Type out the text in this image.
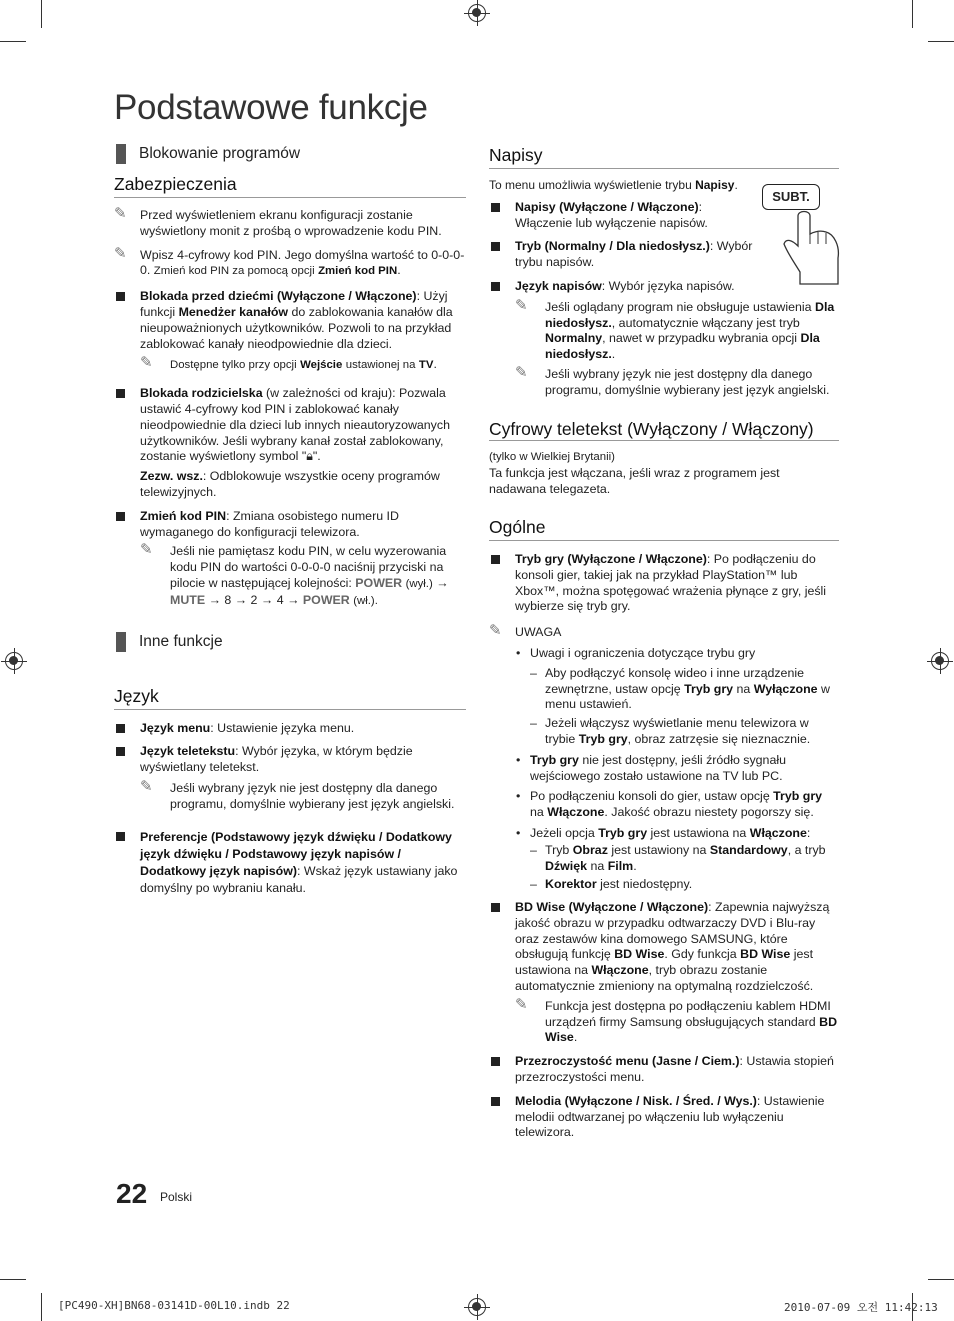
Podstawowe funkcje
Blokowanie programów
Zabezpieczenia
✎ Przed wyświetleniem ekranu konfiguracji zostanie wyświetlony monit z prośbą o wprowadzenie kodu PIN.
✎ Wpisz 4-cyfrowy kod PIN. Jego domyślna wartość to 0-0-0-0. Zmień kod PIN za pomocą opcji Zmień kod PIN.
Blokada przed dziećmi (Wyłączone / Włączone): Użyj funkcji Menedżer kanałów do zablokowania kanałów dla nieupoważnionych użytkowników. Pozwoli to na przykład zablokować kanały nieodpowiednie dla dzieci.
✎ Dostępne tylko przy opcji Wejście ustawionej na TV.
Blokada rodzicielska (w zależności od kraju): Pozwala ustawić 4-cyfrowy kod PIN i zablokować kanały nieodpowiednie dla dzieci lub innych nieautoryzowanych użytkowników. Jeśli wybrany kanał został zablokowany, zostanie wyświetlony symbol "🔒︎".

Zezw. wsz.: Odblokowuje wszystkie oceny programów telewizyjnych.

Zmień kod PIN: Zmiana osobistego numeru ID wymaganego do konfiguracji telewizora.
✎ Jeśli nie pamiętasz kodu PIN, w celu wyzerowania kodu PIN do wartości 0-0-0-0 naciśnij przyciski na pilocie w następującej kolejności: POWER (wył.) → MUTE → 8 → 2 → 4 → POWER (wł.).
Inne funkcje
Język
Język menu: Ustawienie języka menu.
Język teletekstu: Wybór języka, w którym będzie wyświetlany teletekst.
✎ Jeśli wybrany język nie jest dostępny dla danego programu, domyślnie wybierany jest język angielski.
Preferencje (Podstawowy język dźwięku / Dodatkowy język dźwięku / Podstawowy język napisów / Dodatkowy język napisów): Wskaż język ustawiany jako domyślny po wybraniu kanału.
Napisy

To menu umożliwia wyświetlenie trybu Napisy.

Napisy (Wyłączone / Włączone):
Włączenie lub wyłączenie napisów.
Tryb (Normalny / Dla niedosłysz.): Wybór trybu napisów.
Język napisów: Wybór języka napisów.
✎ Jeśli oglądany program nie obsługuje ustawienia Dla niedosłysz., automatycznie włączany jest tryb Normalny, nawet w przypadku wybrania opcji Dla niedosłysz..
✎ Jeśli wybrany język nie jest dostępny dla danego programu, domyślnie wybierany jest język angielski.
Cyfrowy teletekst (Wyłączony / Włączony)

(tylko w Wielkiej Brytanii)

Ta funkcja jest włączana, jeśli wraz z programem jest nadawana telegazeta.

Ogólne
Tryb gry (Wyłączone / Włączone): Po podłączeniu do konsoli gier, takiej jak na przykład PlayStation™ lub Xbox™, można spotęgować wrażenia płynące z gry, jeśli wybierze się tryb gry.
✎ UWAGA
• Uwagi i ograniczenia dotyczące trybu gry
– Aby podłączyć konsolę wideo i inne urządzenie zewnętrzne, ustaw opcję Tryb gry na Wyłączone w menu ustawień.
– Jeżeli włączysz wyświetlanie menu telewizora w trybie Tryb gry, obraz zatrzęsie się nieznacznie.
• Tryb gry nie jest dostępny, jeśli źródło sygnału wejściowego zostało ustawione na TV lub PC.
• Po podłączeniu konsoli do gier, ustaw opcję Tryb gry na Włączone. Jakość obrazu niestety pogorszy się.
• Jeżeli opcja Tryb gry jest ustawiona na Włączone:
– Tryb Obraz jest ustawiony na Standardowy, a tryb Dźwięk na Film.
– Korektor jest niedostępny.
BD Wise (Wyłączone / Włączone): Zapewnia najwyższą jakość obrazu w przypadku odtwarzaczy DVD i Blu-ray oraz zestawów kina domowego SAMSUNG, które obsługują funkcję BD Wise. Gdy funkcja BD Wise jest ustawiona na Włączone, tryb obrazu zostanie automatycznie zmieniony na optymalną rozdzielczość.
✎ Funkcja jest dostępna po podłączeniu kablem HDMI urządzeń firmy Samsung obsługujących standard BD Wise.
Przezroczystość menu (Jasne / Ciem.): Ustawia stopień przezroczystości menu.
Melodia (Wyłączone / Nisk. / Śred. / Wys.): Ustawienie melodii odtwarzanej po włączeniu lub wyłączeniu telewizora.
SUBT.
22 Polski
[PC490-XH]BN68-03141D-00L10.indb 22	2010-07-09 오전 11:42:13
